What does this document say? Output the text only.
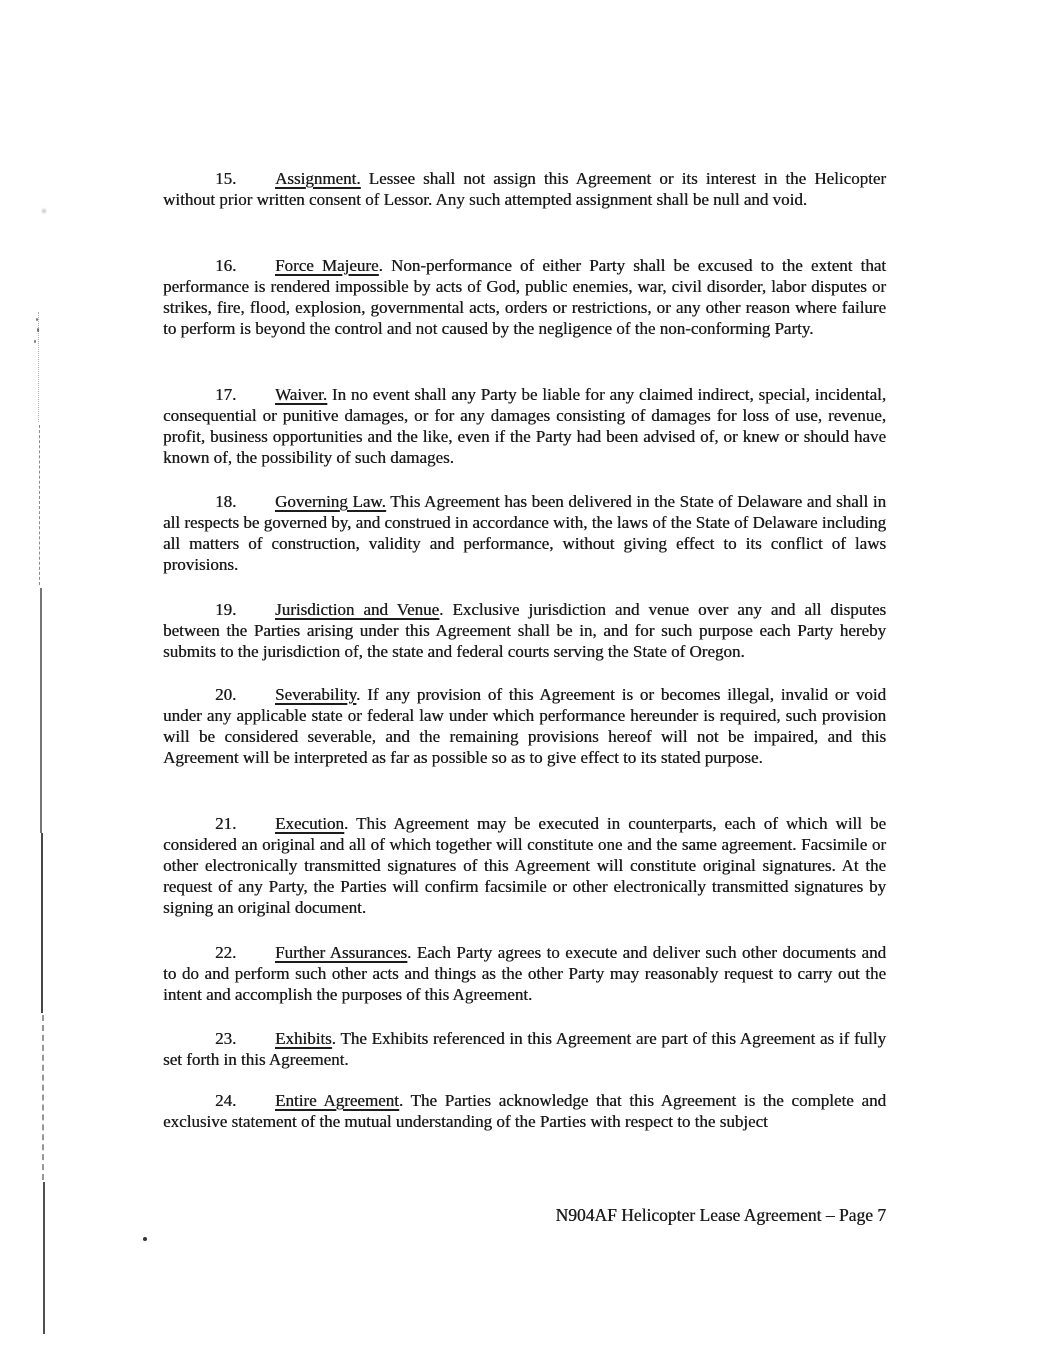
15. Assignment. Lessee shall not assign this Agreement or its interest in the Helicopter without prior written consent of Lessor. Any such attempted assignment shall be null and void.

16. Force Majeure. Non-performance of either Party shall be excused to the extent that performance is rendered impossible by acts of God, public enemies, war, civil disorder, labor disputes or strikes, fire, flood, explosion, governmental acts, orders or restrictions, or any other reason where failure to perform is beyond the control and not caused by the negligence of the non-conforming Party.

17. Waiver. In no event shall any Party be liable for any claimed indirect, special, incidental, consequential or punitive damages, or for any damages consisting of damages for loss of use, revenue, profit, business opportunities and the like, even if the Party had been advised of, or knew or should have known of, the possibility of such damages.

18. Governing Law. This Agreement has been delivered in the State of Delaware and shall in all respects be governed by, and construed in accordance with, the laws of the State of Delaware including all matters of construction, validity and performance, without giving effect to its conflict of laws provisions.

19. Jurisdiction and Venue. Exclusive jurisdiction and venue over any and all disputes between the Parties arising under this Agreement shall be in, and for such purpose each Party hereby submits to the jurisdiction of, the state and federal courts serving the State of Oregon.

20. Severability. If any provision of this Agreement is or becomes illegal, invalid or void under any applicable state or federal law under which performance hereunder is required, such provision will be considered severable, and the remaining provisions hereof will not be impaired, and this Agreement will be interpreted as far as possible so as to give effect to its stated purpose.

21. Execution. This Agreement may be executed in counterparts, each of which will be considered an original and all of which together will constitute one and the same agreement. Facsimile or other electronically transmitted signatures of this Agreement will constitute original signatures. At the request of any Party, the Parties will confirm facsimile or other electronically transmitted signatures by signing an original document.

22. Further Assurances. Each Party agrees to execute and deliver such other documents and to do and perform such other acts and things as the other Party may reasonably request to carry out the intent and accomplish the purposes of this Agreement.

23. Exhibits. The Exhibits referenced in this Agreement are part of this Agreement as if fully set forth in this Agreement.

24. Entire Agreement. The Parties acknowledge that this Agreement is the complete and exclusive statement of the mutual understanding of the Parties with respect to the subject

N904AF Helicopter Lease Agreement – Page 7
